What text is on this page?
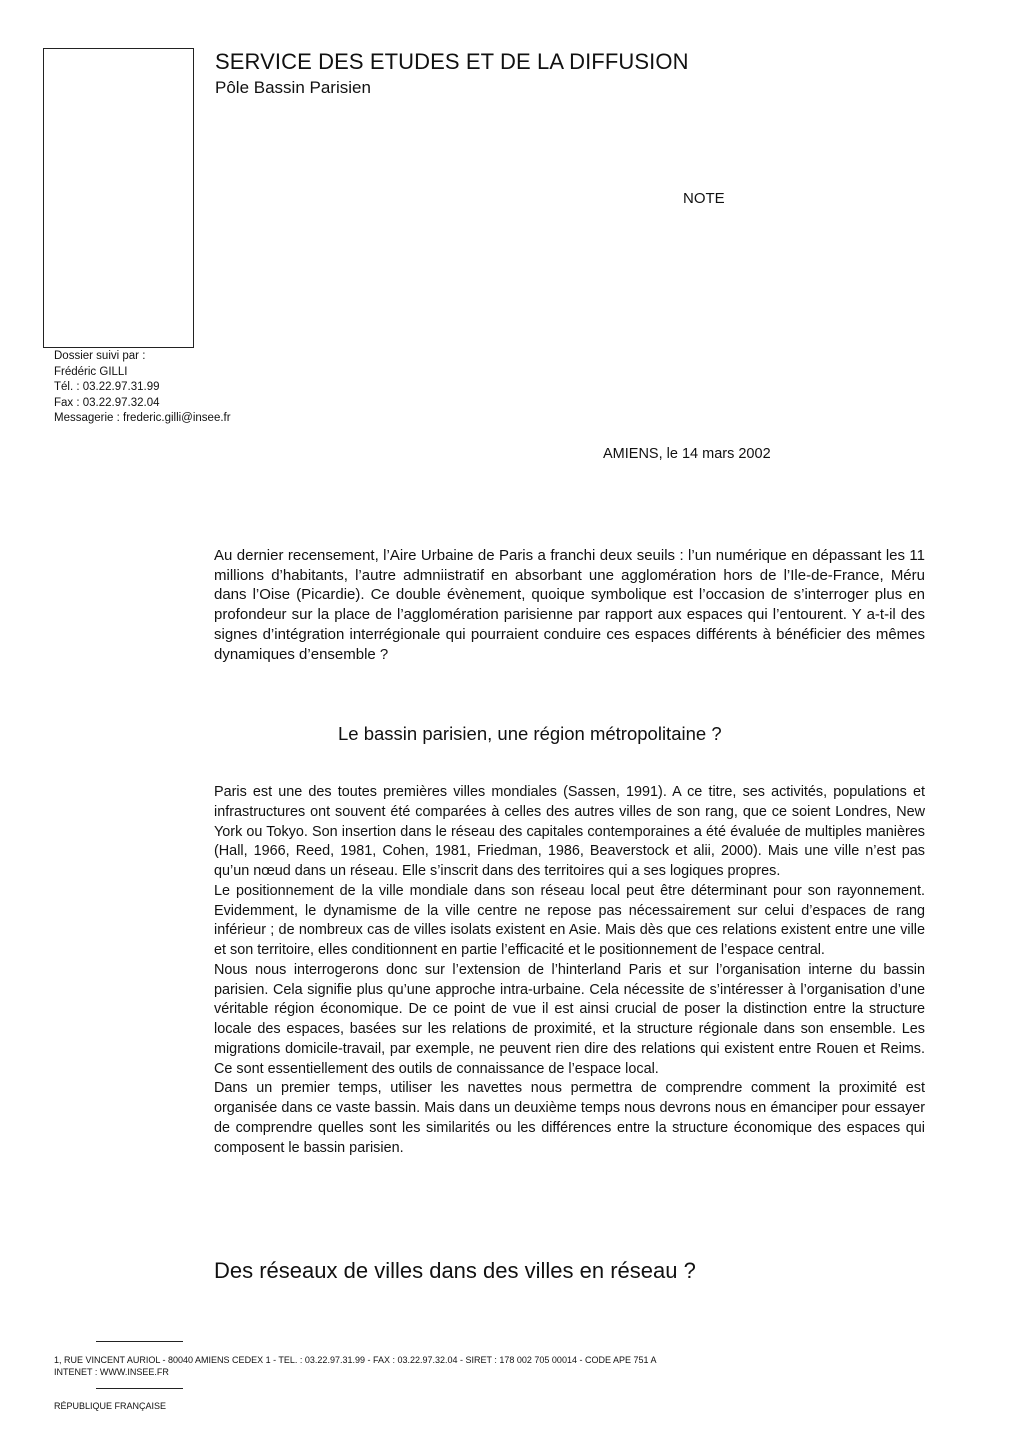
SERVICE DES ETUDES ET DE LA DIFFUSION
Pôle Bassin Parisien
NOTE
Dossier suivi par :
Frédéric GILLI
Tél. : 03.22.97.31.99
Fax : 03.22.97.32.04
Messagerie : frederic.gilli@insee.fr
AMIENS, le 14 mars 2002

Au dernier recensement, l’Aire Urbaine de Paris a franchi deux seuils : l’un numérique en dépassant les 11 millions d’habitants, l’autre admniistratif en absorbant une agglomération hors de l’Ile-de-France, Méru dans l’Oise (Picardie). Ce double évènement, quoique symbolique est l’occasion de s’interroger plus en profondeur sur la place de l’agglomération parisienne par rapport aux espaces qui l’entourent. Y a-t-il des signes d’intégration interrégionale qui pourraient conduire ces espaces différents à bénéficier des mêmes dynamiques d’ensemble ?

Le bassin parisien, une région métropolitaine ?

Paris est une des toutes premières villes mondiales (Sassen, 1991). A ce titre, ses activités, populations et infrastructures ont souvent été comparées à celles des autres villes de son rang, que ce soient Londres, New York ou Tokyo. Son insertion dans le réseau des capitales contemporaines a été évaluée de multiples manières (Hall, 1966, Reed, 1981, Cohen, 1981, Friedman, 1986, Beaverstock et alii, 2000). Mais une ville n’est pas qu’un nœud dans un réseau. Elle s’inscrit dans des territoires qui a ses logiques propres.

Le positionnement de la ville mondiale dans son réseau local peut être déterminant pour son rayonnement. Evidemment, le dynamisme de la ville centre ne repose pas nécessairement sur celui d’espaces de rang inférieur ; de nombreux cas de villes isolats existent en Asie. Mais dès que ces relations existent entre une ville et son territoire, elles conditionnent en partie l’efficacité et le positionnement de l’espace central.

Nous nous interrogerons donc sur l’extension de l’hinterland Paris et sur l’organisation interne du bassin parisien. Cela signifie plus qu’une approche intra-urbaine. Cela nécessite de s’intéresser à l’organisation d’une véritable région économique. De ce point de vue il est ainsi crucial de poser la distinction entre la structure locale des espaces, basées sur les relations de proximité, et la structure régionale dans son ensemble. Les migrations domicile-travail, par exemple, ne peuvent rien dire des relations qui existent entre Rouen et Reims. Ce sont essentiellement des outils de connaissance de l’espace local.

Dans un premier temps, utiliser les navettes nous permettra de comprendre comment la proximité est organisée dans ce vaste bassin. Mais dans un deuxième temps nous devrons nous en émanciper pour essayer de comprendre quelles sont les similarités ou les différences entre la structure économique des espaces qui composent le bassin parisien.

Des réseaux de villes dans des villes en réseau ?
1, RUE VINCENT AURIOL - 80040 AMIENS CEDEX 1 - TEL. : 03.22.97.31.99 - FAX : 03.22.97.32.04 - SIRET : 178 002 705 00014 - CODE APE 751 A
INTENET : WWW.INSEE.FR
RÉPUBLIQUE FRANÇAISE
